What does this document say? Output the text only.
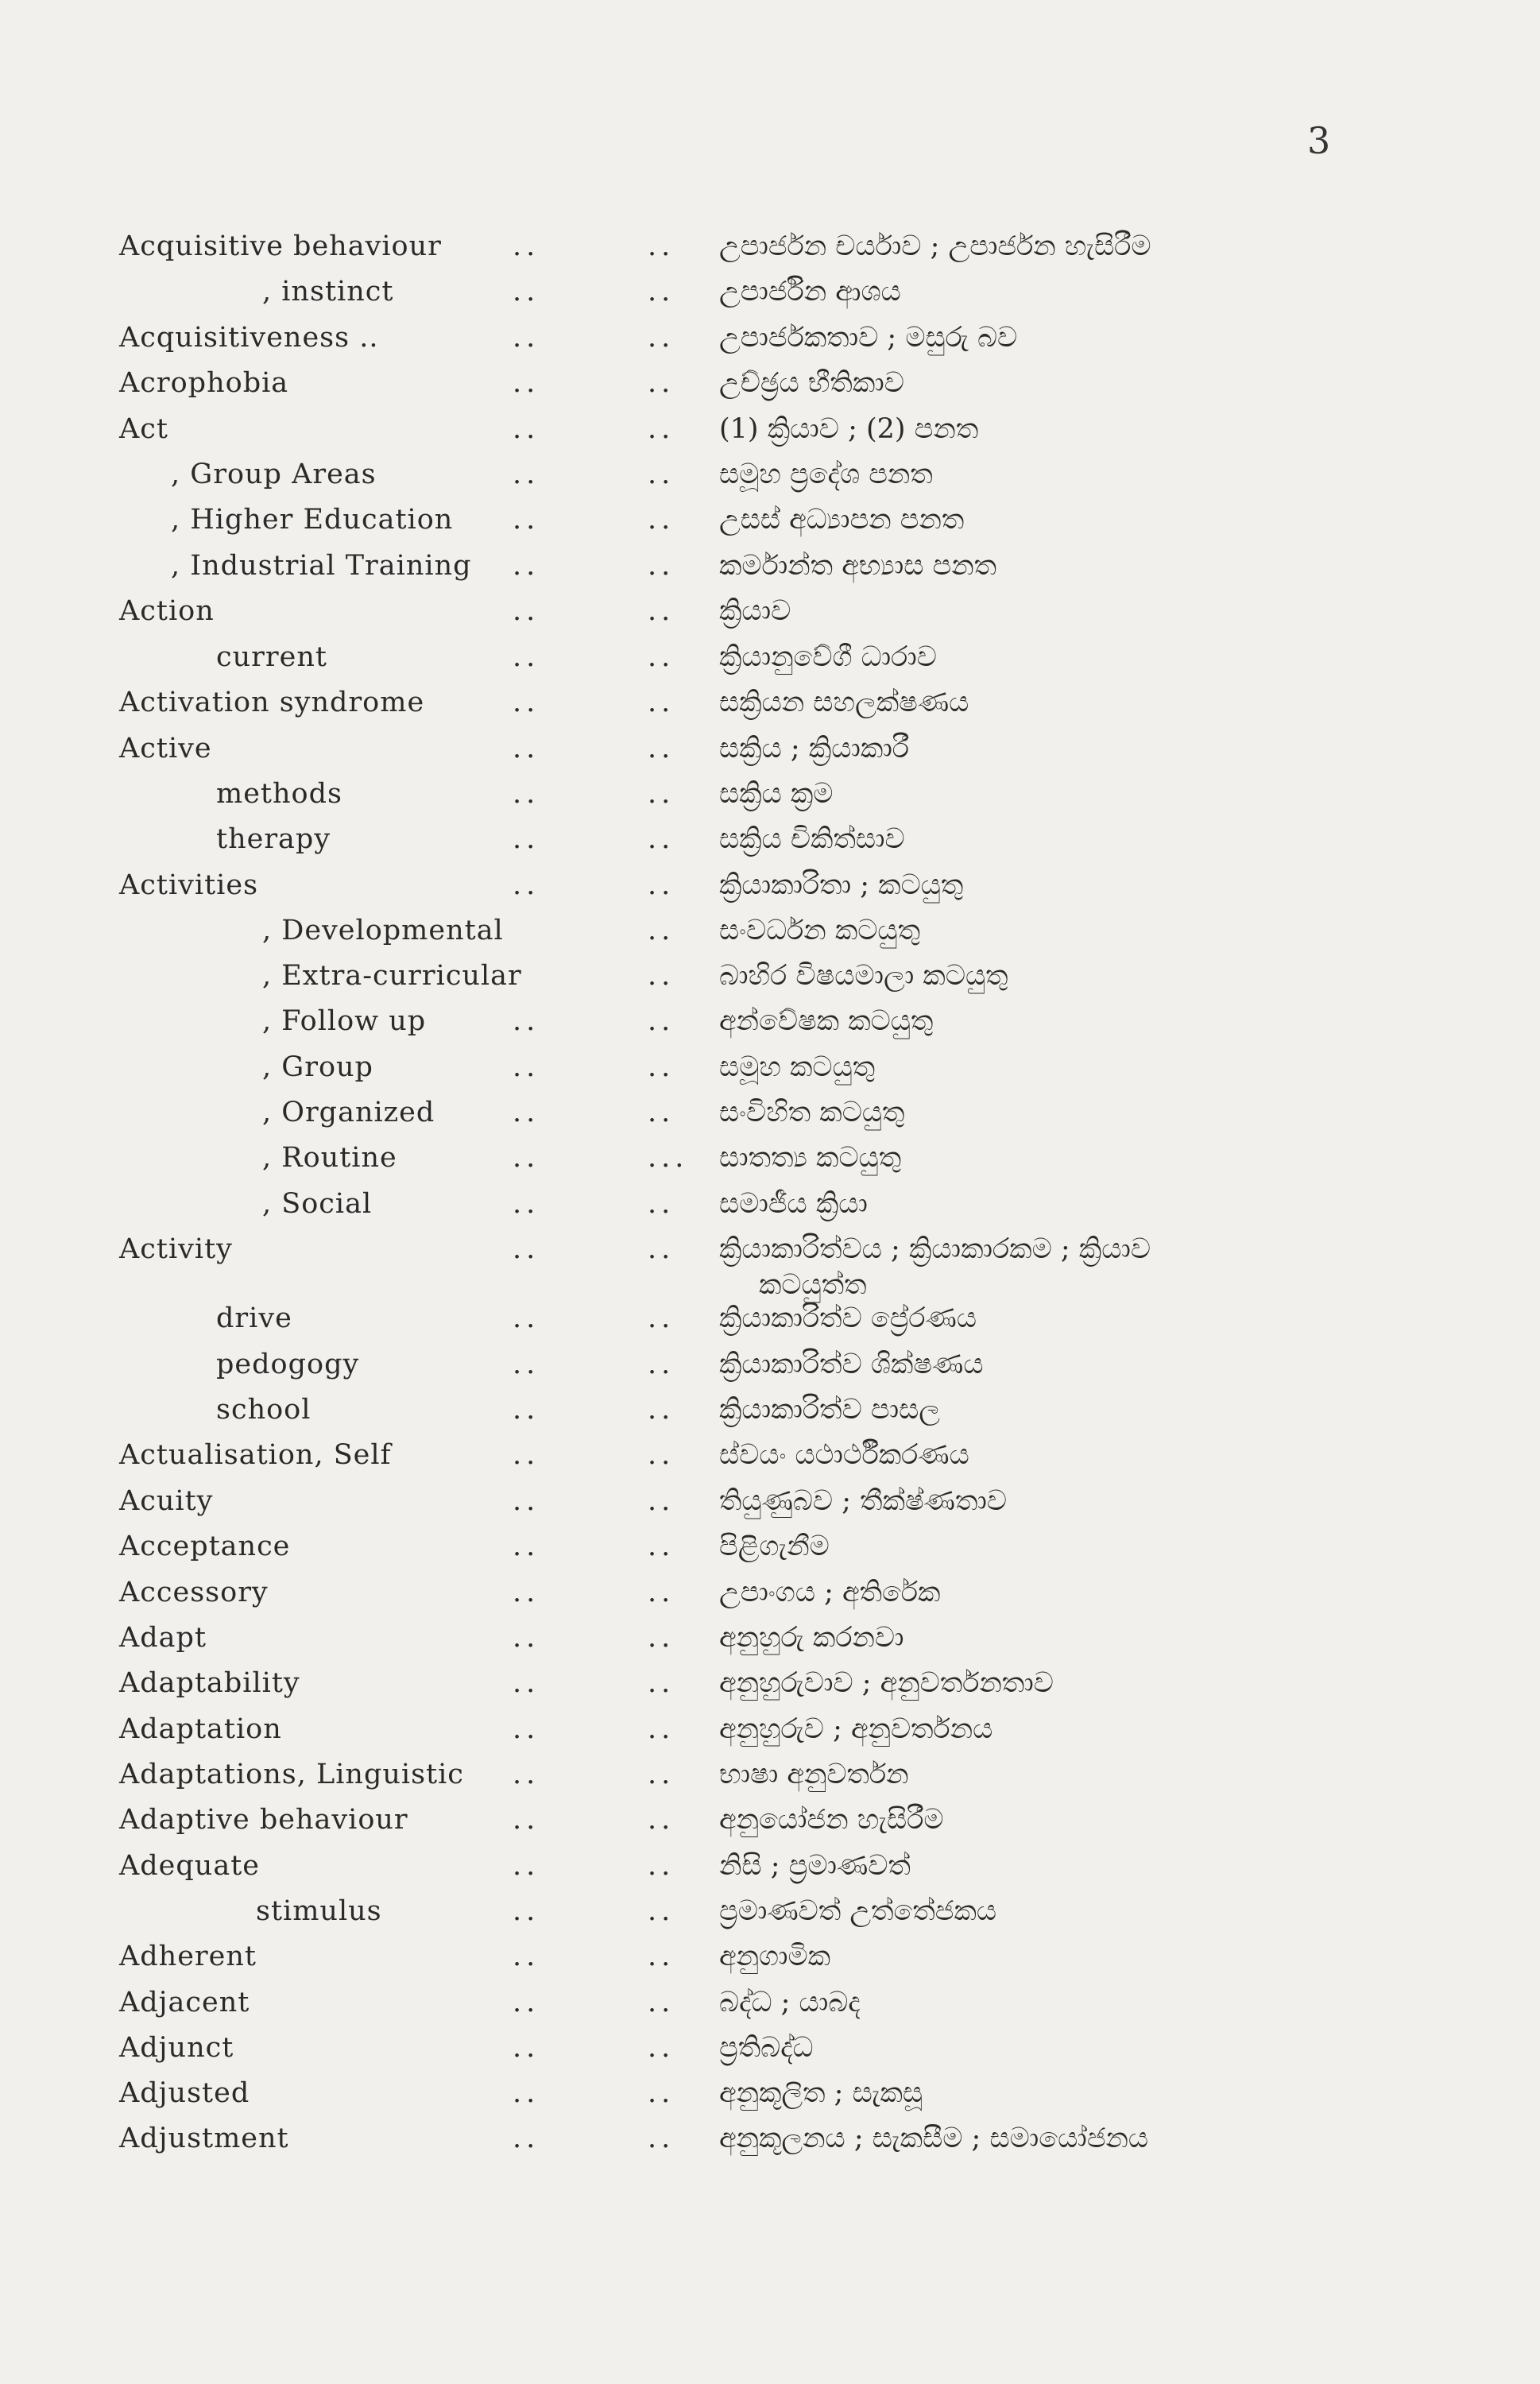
3
Acquisitive behaviour	..	.. උපාර්ජන චර්යාව ; උපාර්ජන හැසිරීම
, instinct	..	.. උපාර්ජින ආශය
Acquisitiveness ..	..	.. උපාර්ජකතාව ; මසුරු බව
Acrophobia	..	.. උච්ඡ්‍රය භීතිකාව
Act	..	.. (1) ක්‍රියාව ; (2) පනත
, Group Areas	..	.. සමූහ ප්‍රදේශ පනත
, Higher Education ..	.. උසස් අධ්‍යාපන පනත
, Industrial Training ..	.. කර්මාන්ත අභ්‍යාස පනත
Action	..	.. ක්‍රියාව
current	..	.. ක්‍රියානුවේගී ධාරාව
Activation syndrome	..	.. සක්‍රියන සහලක්ෂණය
Active	..	.. සක්‍රිය ; ක්‍රියාකාරී
methods	..	.. සක්‍රිය ක්‍රම
therapy	..	.. සක්‍රිය චිකිත්සාව
Activities	..	.. ක්‍රියාකාරිතා ; කටයුතු
, Developmental	.. සංවර්ධන කටයුතු
, Extra-curricular	.. බාහිර විෂයමාලා කටයුතු
, Follow up	..	.. අන්වේෂක කටයුතු
, Group	..	.. සමූහ කටයුතු
, Organized	..	.. සංවිහිත කටයුතු
, Routine	..	... සාතත්‍ය කටයුතු
, Social	..	.. සමාජීය ක්‍රියා
Activity	..	.. ක්‍රියාකාරිත්වය ; ක්‍රියාකාරකම ; ක්‍රියාව
කටයුත්ත
drive	..	.. ක්‍රියාකාරිත්ව ප්‍රේරණය
pedogogy	..	.. ක්‍රියාකාරිත්ව ශික්ෂණය
school	..	.. ක්‍රියාකාරිත්ව පාසල
Actualisation, Self	..	.. ස්වයං යථාර්ථීකරණය
Acuity	..	.. තියුණුබව ; තීක්ෂ්ණතාව
Acceptance	..	.. පිළිගැනීම
Accessory	..	.. උපාංගය ; අතිරේක
Adapt	..	.. අනුහුරු කරනවා
Adaptability	..	.. අනුහුරුවාව ; අනුවර්තනතාව
Adaptation	..	.. අනුහුරුව ; අනුවර්තනය
Adaptations, Linguistic ..	.. භාෂා අනුවර්තන
Adaptive behaviour	..	.. අනුයෝජන හැසිරීම
Adequate	..	.. නිසි ; ප්‍රමාණවත්
stimulus	..	.. ප්‍රමාණවත් උත්තේජකය
Adherent	..	.. අනුගාමික
Adjacent	..	.. බද්ධ ; යාබද
Adjunct	..	.. ප්‍රතිබද්ධ
Adjusted	..	.. අනුකූලිත ; සැකසූ
Adjustment	..	.. අනුකූලනය ; සැකසීම ; සමායෝජනය
